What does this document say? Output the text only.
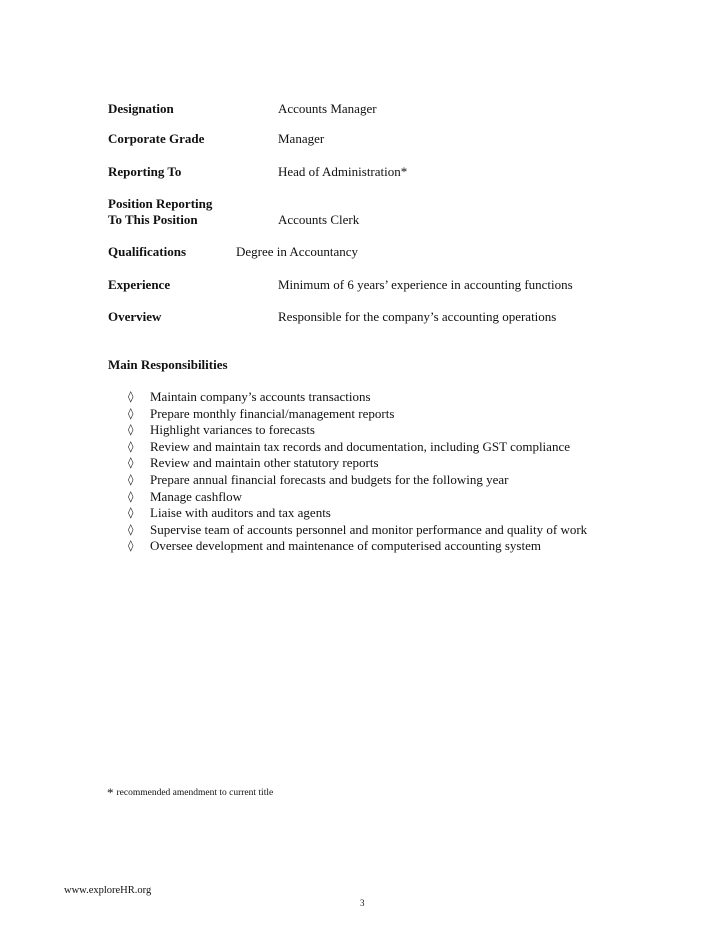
Designation	Accounts Manager
Corporate Grade	Manager
Reporting To	Head of Administration*
Position Reporting
To This Position	Accounts Clerk
Qualifications	Degree in Accountancy
Experience	Minimum of 6 years’ experience in accounting functions
Overview	Responsible for the company’s accounting operations
Main Responsibilities
◊	Maintain company’s accounts transactions
◊	Prepare monthly financial/management reports
◊	Highlight variances to forecasts
◊	Review and maintain tax records and documentation, including GST compliance
◊	Review and maintain other statutory reports
◊	Prepare annual financial forecasts and budgets for the following year
◊	Manage cashflow
◊	Liaise with auditors and tax agents
◊	Supervise team of accounts personnel and monitor performance and quality of work
◊	Oversee development and maintenance of computerised accounting system
* recommended amendment to current title
www.exploreHR.org
3
